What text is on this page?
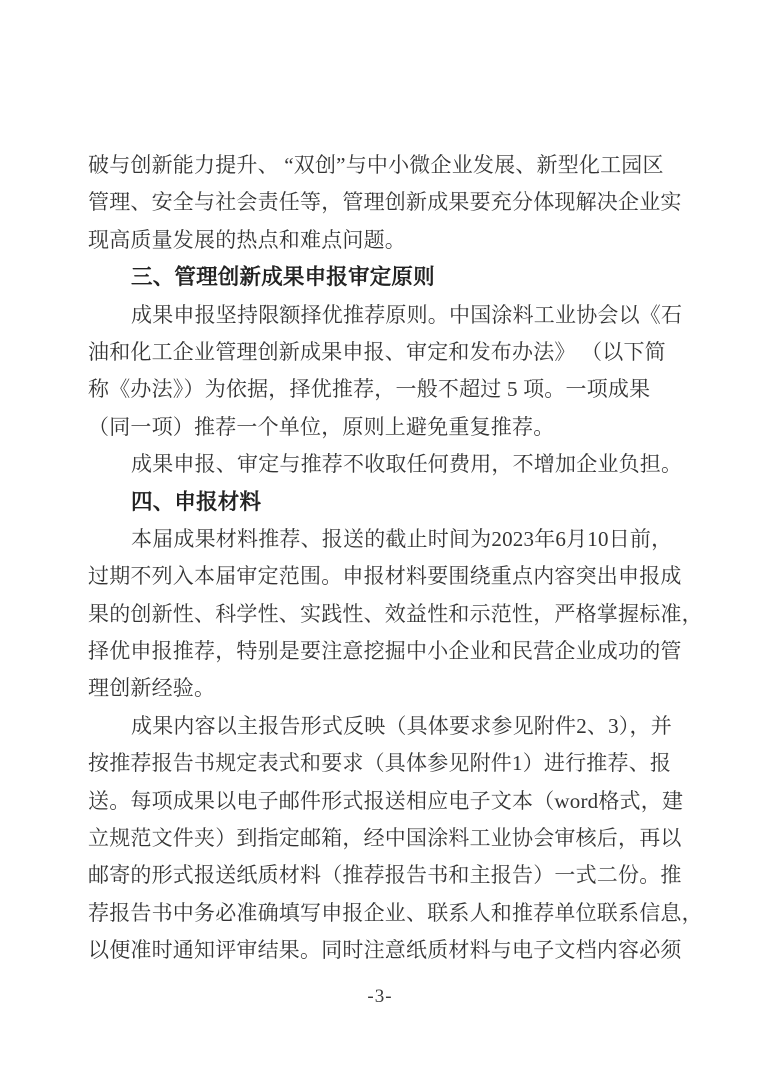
破与创新能力提升、 “双创”与中小微企业发展、新型化工园区
管理、安全与社会责任等，管理创新成果要充分体现解决企业实
现高质量发展的热点和难点问题。
三、管理创新成果申报审定原则
成果申报坚持限额择优推荐原则。中国涂料工业协会以《石
油和化工企业管理创新成果申报、审定和发布办法》 （以下简
称《办法》）为依据，择优推荐，一般不超过 5 项。一项成果
（同一项）推荐一个单位，原则上避免重复推荐。
成果申报、审定与推荐不收取任何费用，不增加企业负担。
四、申报材料
本届成果材料推荐、报送的截止时间为2023年6月10日前，
过期不列入本届审定范围。申报材料要围绕重点内容突出申报成
果的创新性、科学性、实践性、效益性和示范性，严格掌握标准，
择优申报推荐，特别是要注意挖掘中小企业和民营企业成功的管
理创新经验。
成果内容以主报告形式反映（具体要求参见附件2、3），并
按推荐报告书规定表式和要求（具体参见附件1）进行推荐、报
送。每项成果以电子邮件形式报送相应电子文本（word格式，建
立规范文件夹）到指定邮箱，经中国涂料工业协会审核后，再以
邮寄的形式报送纸质材料（推荐报告书和主报告）一式二份。推
荐报告书中务必准确填写申报企业、联系人和推荐单位联系信息，
以便准时通知评审结果。同时注意纸质材料与电子文档内容必须
-3-
